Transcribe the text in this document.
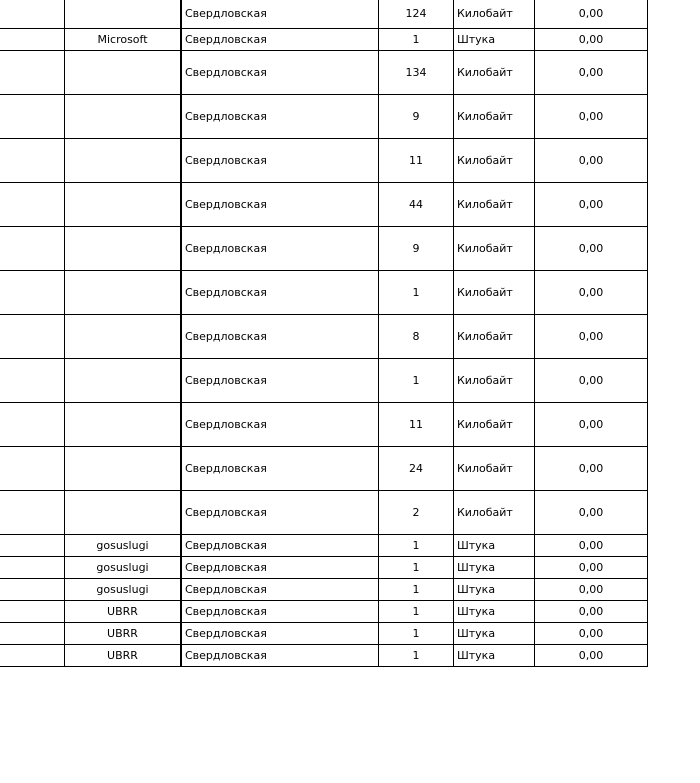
		Свердловская	124	Килобайт	0,00
	Microsoft	Свердловская	1	Штука	0,00
		Свердловская	134	Килобайт	0,00
		Свердловская	9	Килобайт	0,00
		Свердловская	11	Килобайт	0,00
		Свердловская	44	Килобайт	0,00
		Свердловская	9	Килобайт	0,00
		Свердловская	1	Килобайт	0,00
		Свердловская	8	Килобайт	0,00
		Свердловская	1	Килобайт	0,00
		Свердловская	11	Килобайт	0,00
		Свердловская	24	Килобайт	0,00
		Свердловская	2	Килобайт	0,00
	gosuslugi	Свердловская	1	Штука	0,00
	gosuslugi	Свердловская	1	Штука	0,00
	gosuslugi	Свердловская	1	Штука	0,00
	UBRR	Свердловская	1	Штука	0,00
	UBRR	Свердловская	1	Штука	0,00
	UBRR	Свердловская	1	Штука	0,00
